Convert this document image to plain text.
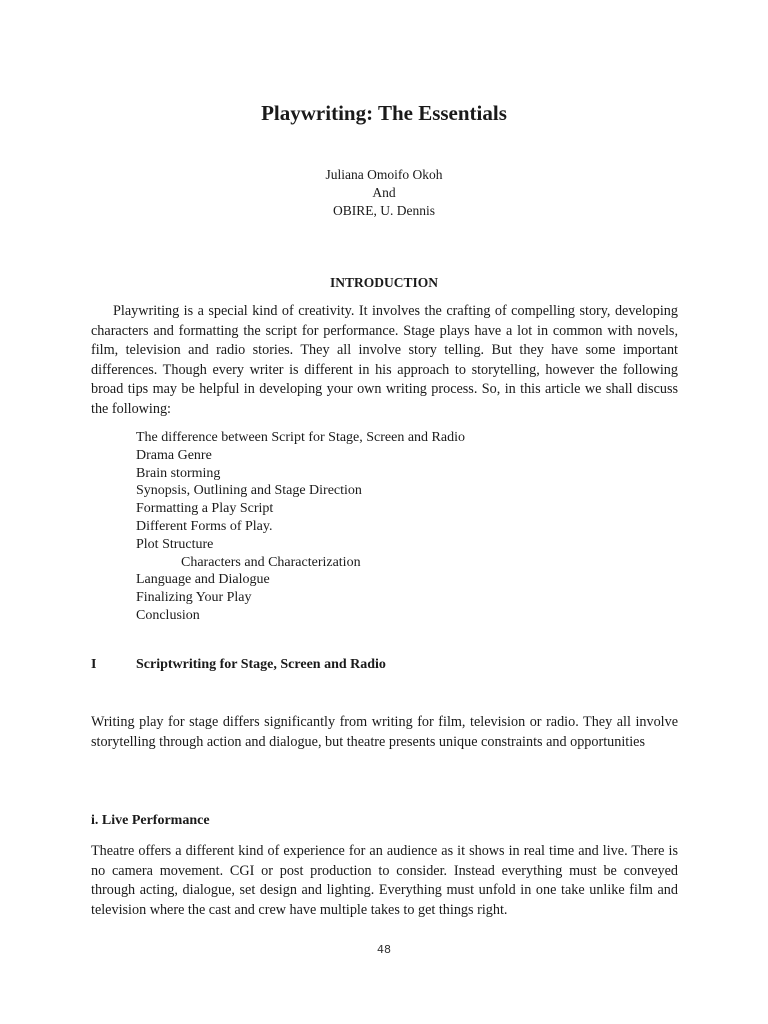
Playwriting: The Essentials
Juliana Omoifo Okoh
And
OBIRE, U. Dennis
INTRODUCTION

Playwriting is a special kind of creativity. It involves the crafting of compelling story, developing characters and formatting the script for performance. Stage plays have a lot in common with novels, film, television and radio stories. They all involve story telling. But they have some important differences. Though every writer is different in his approach to storytelling, however the following broad tips may be helpful in developing your own writing process. So, in this article we shall discuss the following:

The difference between Script for Stage, Screen and Radio
Drama Genre
Brain storming
Synopsis, Outlining and Stage Direction
Formatting a Play Script
Different Forms of Play.
Plot Structure
Characters and Characterization
Language and Dialogue
Finalizing Your Play
Conclusion
I	Scriptwriting for Stage, Screen and Radio

Writing play for stage differs significantly from writing for film, television or radio. They all involve storytelling through action and dialogue, but theatre presents unique constraints and opportunities

i. Live Performance

Theatre offers a different kind of experience for an audience as it shows in real time and live. There is no camera movement. CGI or post production to consider. Instead everything must be conveyed through acting, dialogue, set design and lighting. Everything must unfold in one take unlike film and television where the cast and crew have multiple takes to get things right.

48
